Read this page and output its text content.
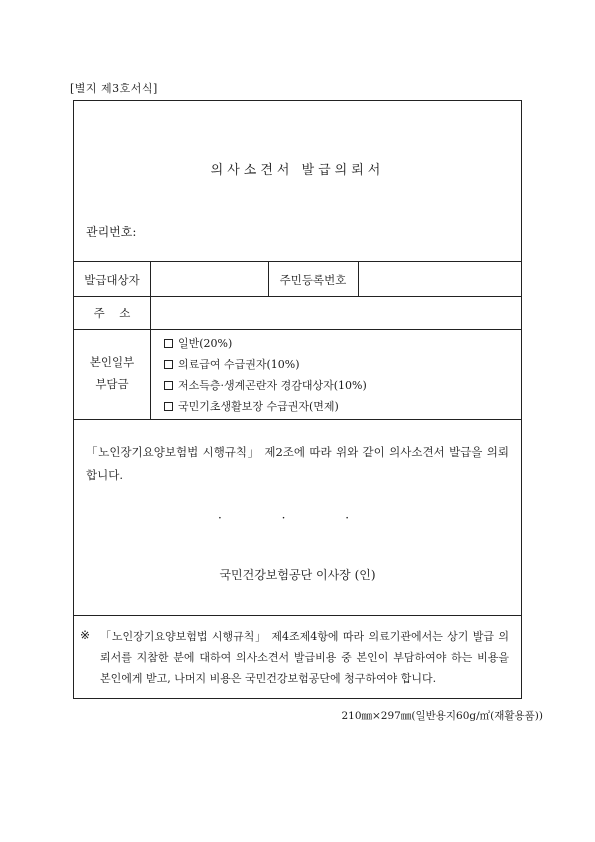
[별지 제3호서식]
의사소견서 발급의뢰서
관리번호:
발급대상자	주민등록번호
주    소
본인일부
부담금
일반(20%)
의료급여 수급권자(10%)
저소득층·생계곤란자 경감대상자(10%)
국민기초생활보장 수급권자(면제)
「노인장기요양보험법 시행규칙」 제2조에 따라 위와 같이 의사소견서 발급을 의뢰합니다.
· · ·
국민건강보험공단 이사장 (인)
※ 「노인장기요양보험법 시행규칙」 제4조제4항에 따라 의료기관에서는 상기 발급 의뢰서를 지참한 분에 대하여 의사소견서 발급비용 중 본인이 부담하여야 하는 비용을 본인에게 받고, 나머지 비용은 국민건강보험공단에 청구하여야 합니다.
210㎜×297㎜(일반용지60g/㎡(재활용품))
